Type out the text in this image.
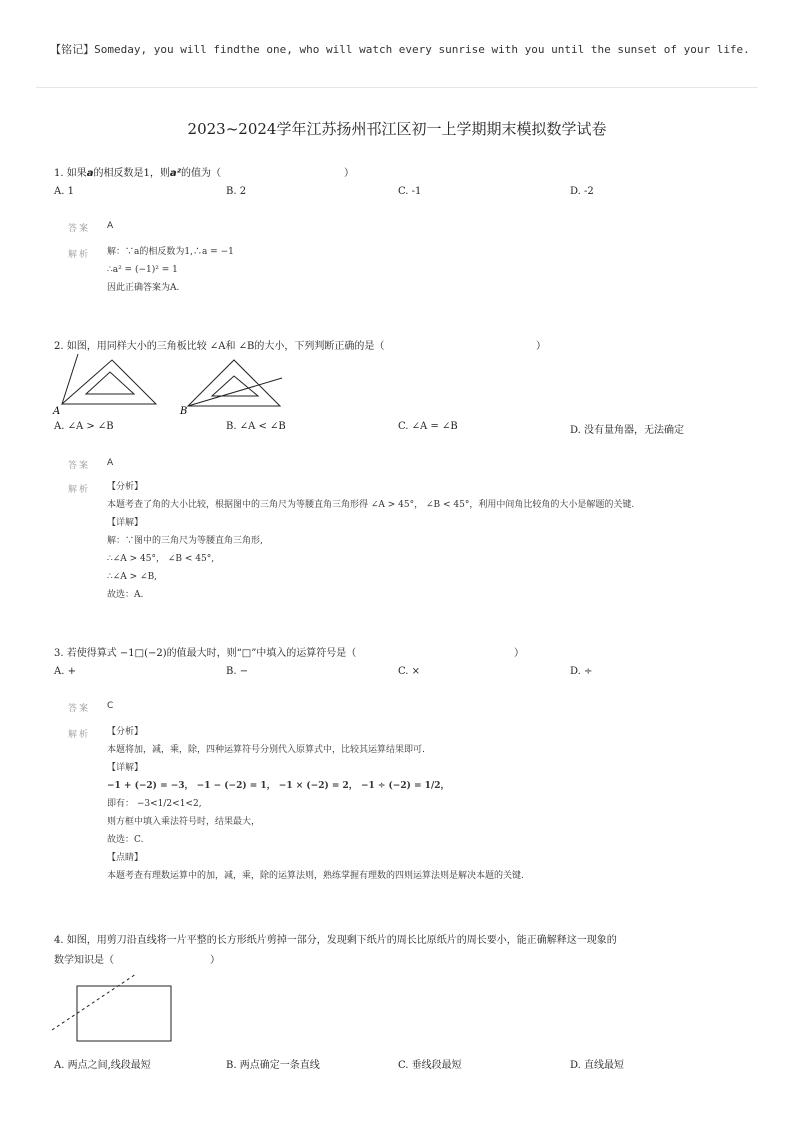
【铭记】Someday, you will findthe one, who will watch every sunrise with you until the sunset of your life.
2023~2024学年江苏扬州邗江区初一上学期期末模拟数学试卷
1. 如果a的相反数是1，则a²的值为（	）
A. 1	B. 2	C. -1	D. -2
答案 A
解析 解：∵a的相反数为1,∴a = −1
∴a² = (−1)² = 1
因此正确答案为A.
2. 如图，用同样大小的三角板比较 ∠A和 ∠B的大小，下列判断正确的是（	）
A	B
A. ∠A > ∠B	B. ∠A < ∠B	C. ∠A = ∠B	D. 没有量角器，无法确定
答案 A
解析 【分析】
本题考查了角的大小比较，根据图中的三角尺为等腰直角三角形得 ∠A > 45°， ∠B < 45°，利用中间角比较角的大小是解题的关键.
【详解】
解：∵图中的三角尺为等腰直角三角形,
∴∠A > 45°， ∠B < 45°,
∴∠A > ∠B,
故选：A.
3. 若使得算式 −1□(−2)的值最大时，则“□”中填入的运算符号是（	）
A. +	B. −	C. ×	D. ÷
答案 C
解析 【分析】
本题将加，减，乘，除，四种运算符号分别代入原算式中，比较其运算结果即可.
【详解】
−1 + (−2) = −3， −1 − (−2) = 1， −1 × (−2) = 2， −1 ÷ (−2) = 1/2，
即有： −3<1/2<1<2,
则方框中填入乘法符号时，结果最大，
故选：C.
【点睛】
本题考查有理数运算中的加，减，乘，除的运算法则，熟练掌握有理数的四则运算法则是解决本题的关键.
4. 如图，用剪刀沿直线将一片平整的长方形纸片剪掉一部分，发现剩下纸片的周长比原纸片的周长要小，能正确解释这一现象的
数学知识是（	）
A. 两点之间,线段最短	B. 两点确定一条直线	C. 垂线段最短	D. 直线最短
